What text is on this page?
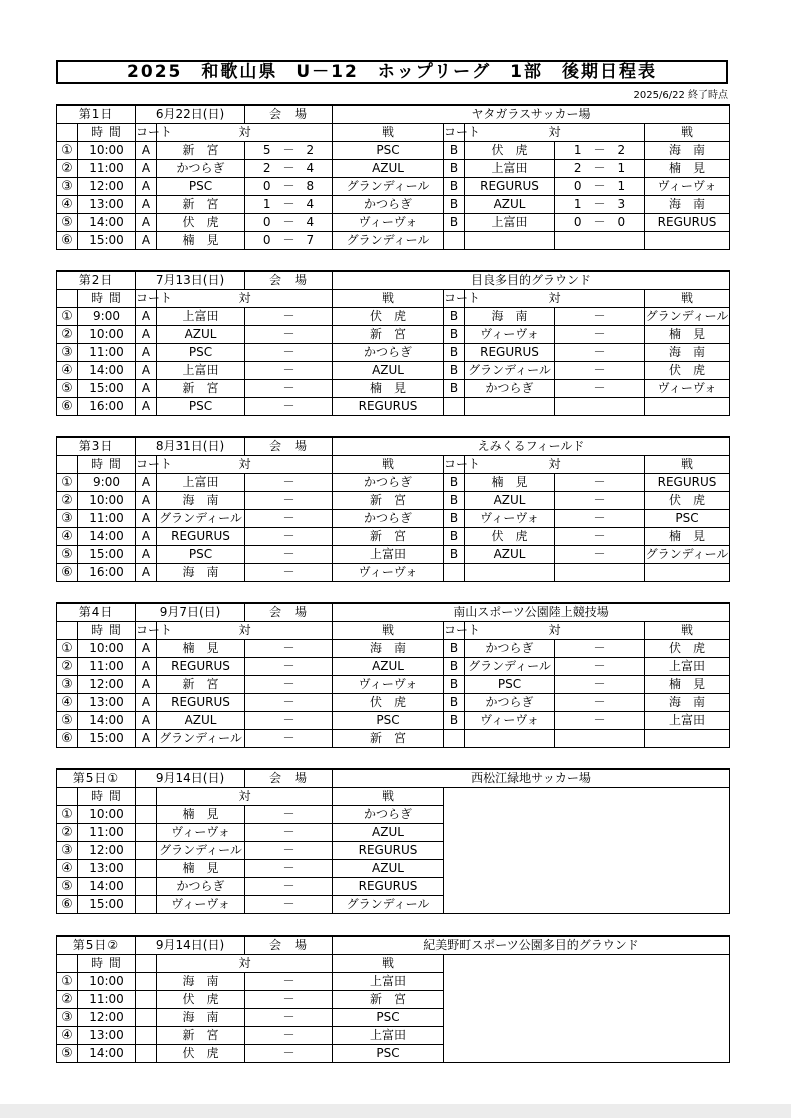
2025　和歌山県　U－12　ホップリーグ　1部　後期日程表
2025/6/22 終了時点
第1日		6月22日(日)		会　場	ヤタガラスサッカー場				
	時 間	コート	対		戦	コート	対		戦
①	10:00	A	新　宮	5　－　2	PSC	B	伏　虎	1　－　2	海　南
②	11:00	A	かつらぎ	2　－　4	AZUL	B	上富田	2　－　1	楠　見
③	12:00	A	PSC	0　－　8	グランディール	B	REGURUS	0　－　1	ヴィーヴォ
④	13:00	A	新　宮	1　－　4	かつらぎ	B	AZUL	1　－　3	海　南
⑤	14:00	A	伏　虎	0　－　4	ヴィーヴォ	B	上富田	0　－　0	REGURUS
⑥	15:00	A	楠　見	0　－　7	グランディール				
第2日		7月13日(日)		会　場	目良多目的グラウンド				
	時 間	コート	対		戦	コート	対		戦
①	9:00	A	上富田	－	伏　虎	B	海　南	－	グランディール
②	10:00	A	AZUL	－	新　宮	B	ヴィーヴォ	－	楠　見
③	11:00	A	PSC	－	かつらぎ	B	REGURUS	－	海　南
④	14:00	A	上富田	－	AZUL	B	グランディール	－	伏　虎
⑤	15:00	A	新　宮	－	楠　見	B	かつらぎ	－	ヴィーヴォ
⑥	16:00	A	PSC	－	REGURUS				
第3日		8月31日(日)		会　場	えみくるフィールド				
	時 間	コート	対		戦	コート	対		戦
①	9:00	A	上富田	－	かつらぎ	B	楠　見	－	REGURUS
②	10:00	A	海　南	－	新　宮	B	AZUL	－	伏　虎
③	11:00	A	グランディール	－	かつらぎ	B	ヴィーヴォ	－	PSC
④	14:00	A	REGURUS	－	新　宮	B	伏　虎	－	楠　見
⑤	15:00	A	PSC	－	上富田	B	AZUL	－	グランディール
⑥	16:00	A	海　南	－	ヴィーヴォ				
第4日		9月7日(日)		会　場	南山スポーツ公園陸上競技場				
	時 間	コート	対		戦	コート	対		戦
①	10:00	A	楠　見	－	海　南	B	かつらぎ	－	伏　虎
②	11:00	A	REGURUS	－	AZUL	B	グランディール	－	上富田
③	12:00	A	新　宮	－	ヴィーヴォ	B	PSC	－	楠　見
④	13:00	A	REGURUS	－	伏　虎	B	かつらぎ	－	海　南
⑤	14:00	A	AZUL	－	PSC	B	ヴィーヴォ	－	上富田
⑥	15:00	A	グランディール	－	新　宮				
第5日①		9月14日(日)		会　場	西松江緑地サッカー場	
	時 間		対		戦	
①	10:00		楠　見	－	かつらぎ	
②	11:00		ヴィーヴォ	－	AZUL	
③	12:00		グランディール	－	REGURUS	
④	13:00		楠　見	－	AZUL	
⑤	14:00		かつらぎ	－	REGURUS	
⑥	15:00		ヴィーヴォ	－	グランディール	
第5日②		9月14日(日)		会　場	紀美野町スポーツ公園多目的グラウンド	
	時 間		対		戦	
①	10:00		海　南	－	上富田	
②	11:00		伏　虎	－	新　宮	
③	12:00		海　南	－	PSC	
④	13:00		新　宮	－	上富田	
⑤	14:00		伏　虎	－	PSC	
